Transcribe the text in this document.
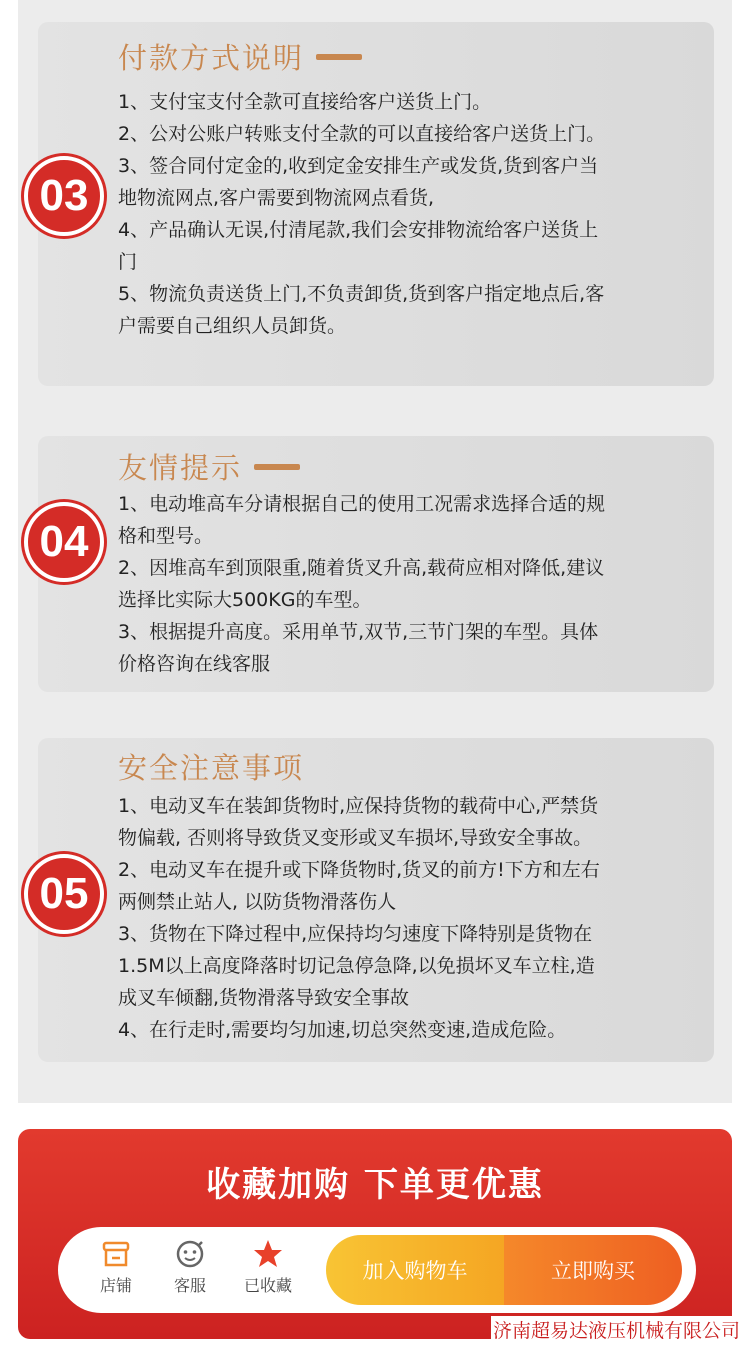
付款方式说明
1、支付宝支付全款可直接给客户送货上门。
2、公对公账户转账支付全款的可以直接给客户送货上门。
3、签合同付定金的,收到定金安排生产或发货,货到客户当
地物流网点,客户需要到物流网点看货,
4、产品确认无误,付清尾款,我们会安排物流给客户送货上
门
5、物流负责送货上门,不负责卸货,货到客户指定地点后,客
户需要自己组织人员卸货。
03
友情提示
1、电动堆高车分请根据自己的使用工况需求选择合适的规
格和型号。
2、因堆高车到顶限重,随着货叉升高,载荷应相对降低,建议
选择比实际大500KG的车型。
3、根据提升高度。采用单节,双节,三节门架的车型。具体
价格咨询在线客服
04
安全注意事项
1、电动叉车在装卸货物时,应保持货物的载荷中心,严禁货
物偏载, 否则将导致货叉变形或叉车损坏,导致安全事故。
2、电动叉车在提升或下降货物时,货叉的前方!下方和左右
两侧禁止站人, 以防货物滑落伤人
3、货物在下降过程中,应保持均匀速度下降特别是货物在
1.5M以上高度降落时切记急停急降,以免损坏叉车立柱,造
成叉车倾翻,货物滑落导致安全事故
4、在行走时,需要均匀加速,切总突然变速,造成危险。
05
收藏加购 下单更优惠
店铺	客服	已收藏
加入购物车	立即购买
济南超易达液压机械有限公司
